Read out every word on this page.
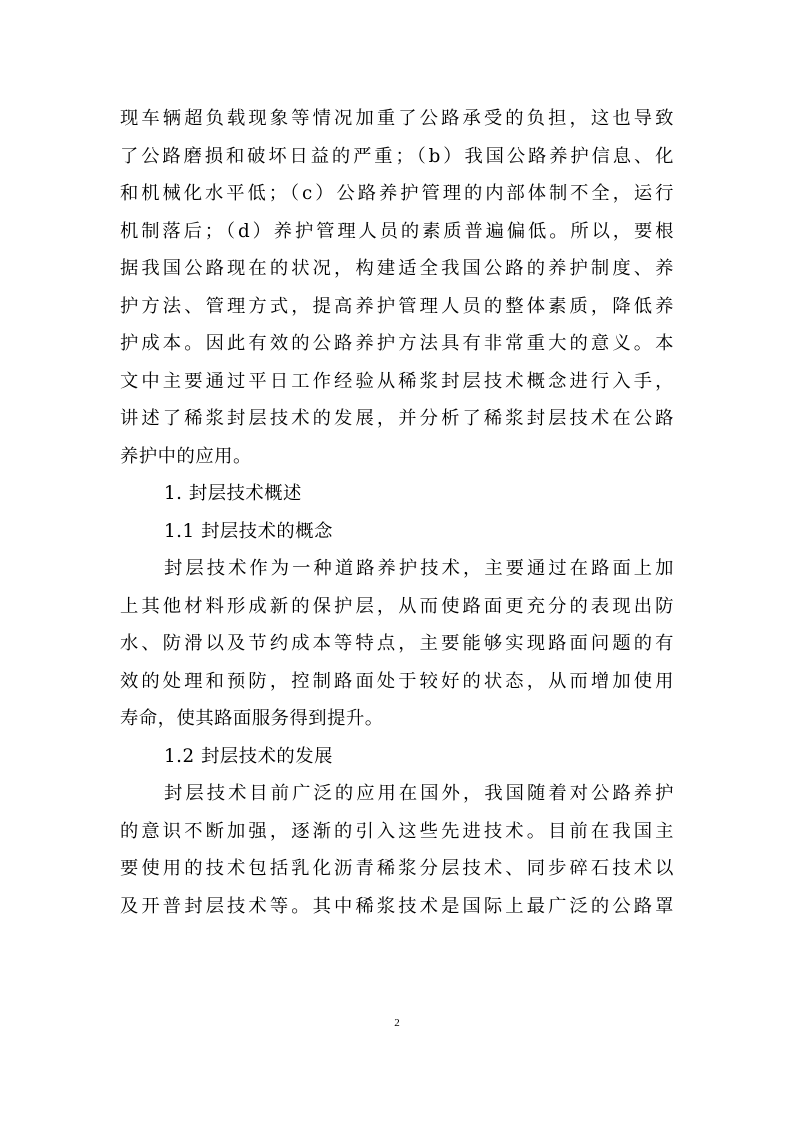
现车辆超负载现象等情况加重了公路承受的负担，这也导致
了公路磨损和破坏日益的严重；（b）我国公路养护信息、化
和机械化水平低；（c）公路养护管理的内部体制不全，运行
机制落后；（d）养护管理人员的素质普遍偏低。所以，要根
据我国公路现在的状况，构建适全我国公路的养护制度、养
护方法、管理方式，提高养护管理人员的整体素质，降低养
护成本。因此有效的公路养护方法具有非常重大的意义。本
文中主要通过平日工作经验从稀浆封层技术概念进行入手，
讲述了稀浆封层技术的发展，并分析了稀浆封层技术在公路
养护中的应用。
1. 封层技术概述
1.1 封层技术的概念
封层技术作为一种道路养护技术，主要通过在路面上加
上其他材料形成新的保护层，从而使路面更充分的表现出防
水、防滑以及节约成本等特点，主要能够实现路面问题的有
效的处理和预防，控制路面处于较好的状态，从而增加使用
寿命，使其路面服务得到提升。
1.2 封层技术的发展
封层技术目前广泛的应用在国外，我国随着对公路养护
的意识不断加强，逐渐的引入这些先进技术。目前在我国主
要使用的技术包括乳化沥青稀浆分层技术、同步碎石技术以
及开普封层技术等。其中稀浆技术是国际上最广泛的公路罩
2
